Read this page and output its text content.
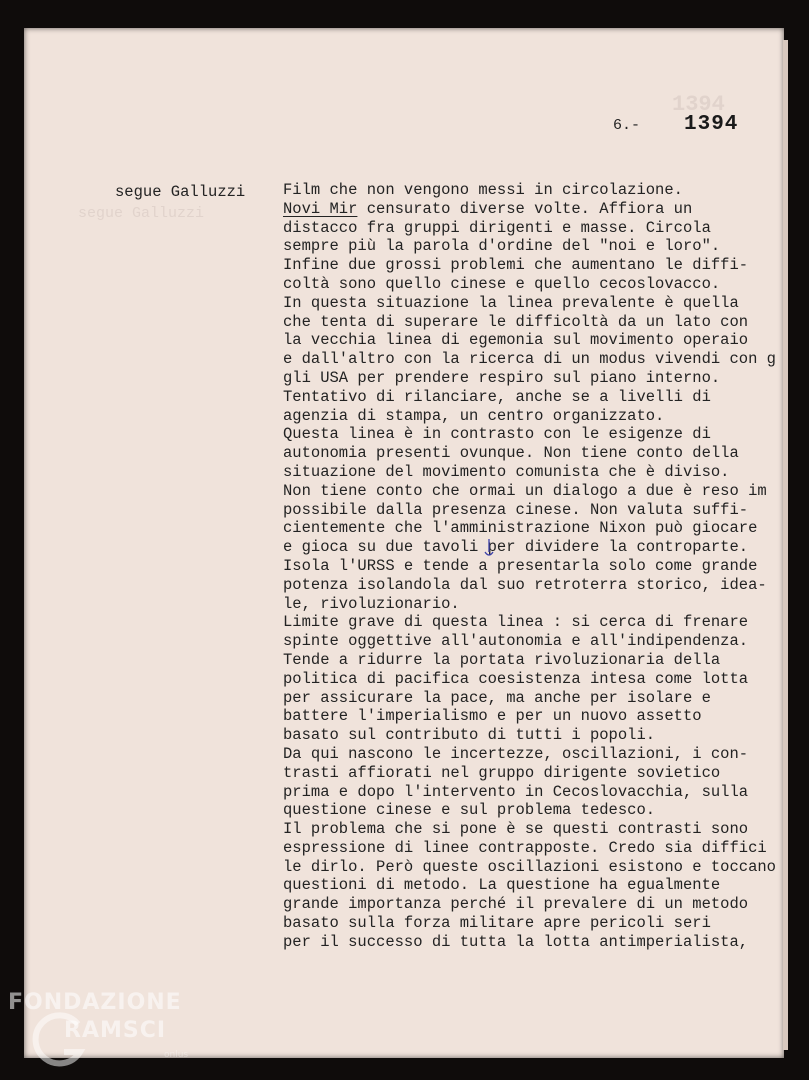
1394
segue Galluzzi
6.- 1394
segue Galluzzi Film che non vengono messi in circolazione.
Novi Mir censurato diverse volte. Affiora un
distacco fra gruppi dirigenti e masse. Circola
sempre più la parola d'ordine del "noi e loro".
Infine due grossi problemi che aumentano le diffi-
coltà sono quello cinese e quello cecoslovacco.
In questa situazione la linea prevalente è quella
che tenta di superare le difficoltà da un lato con
la vecchia linea di egemonia sul movimento operaio
e dall'altro con la ricerca di un modus vivendi con g
gli USA per prendere respiro sul piano interno.
Tentativo di rilanciare, anche se a livelli di
agenzia di stampa, un centro organizzato.
Questa linea è in contrasto con le esigenze di
autonomia presenti ovunque. Non tiene conto della
situazione del movimento comunista che è diviso.
Non tiene conto che ormai un dialogo a due è reso im
possibile dalla presenza cinese. Non valuta suffi-
cientemente che l'amministrazione Nixon può giocare
e gioca su due tavoli per dividere la controparte.
Isola l'URSS e tende a presentarla solo come grande
potenza isolandola dal suo retroterra storico, idea-
le, rivoluzionario.
Limite grave di questa linea : si cerca di frenare
spinte oggettive all'autonomia e all'indipendenza.
Tende a ridurre la portata rivoluzionaria della
politica di pacifica coesistenza intesa come lotta
per assicurare la pace, ma anche per isolare e
battere l'imperialismo e per un nuovo assetto
basato sul contributo di tutti i popoli.
Da qui nascono le incertezze, oscillazioni, i con-
trasti affiorati nel gruppo dirigente sovietico
prima e dopo l'intervento in Cecoslovacchia, sulla
questione cinese e sul problema tedesco.
Il problema che si pone è se questi contrasti sono
espressione di linee contrapposte. Credo sia diffici
le dirlo. Però queste oscillazioni esistono e toccano
questioni di metodo. La questione ha egualmente
grande importanza perché il prevalere di un metodo
basato sulla forza militare apre pericoli seri
per il successo di tutta la lotta antimperialista,
FONDAZIONE
RAMSCI
onlus
